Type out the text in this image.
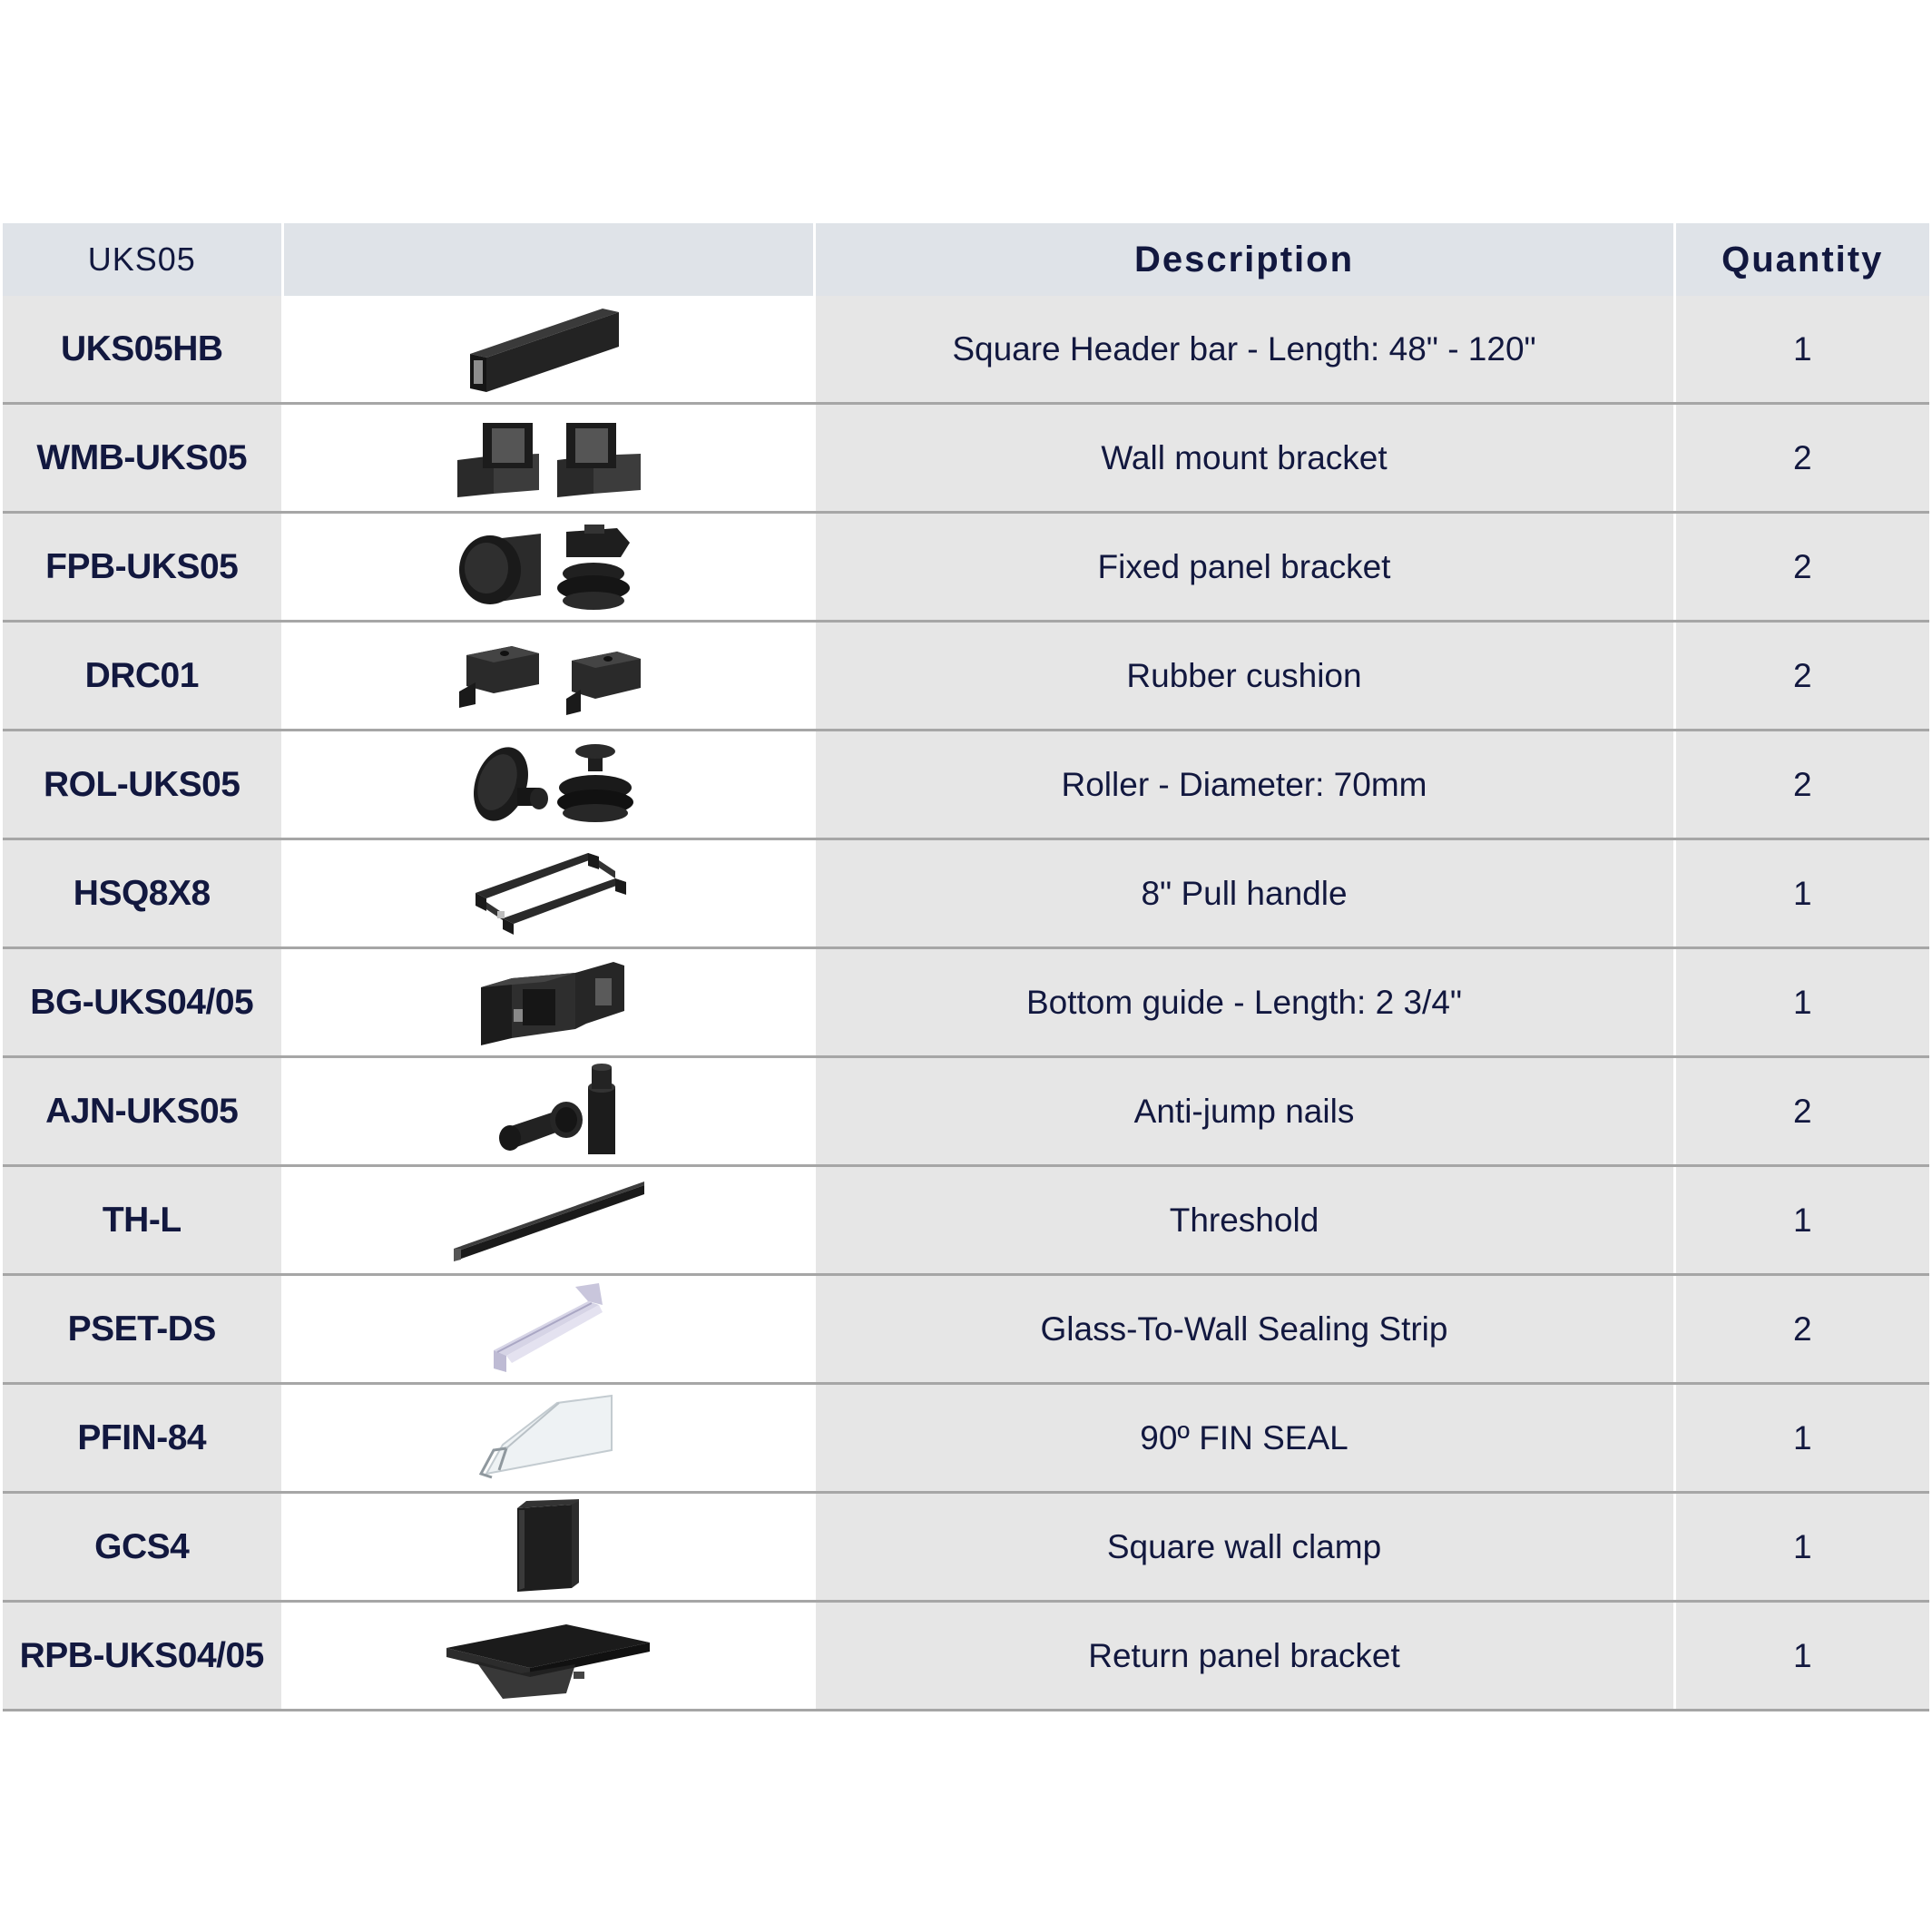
UKS05		Description	Quantity
UKS05HB		Square Header bar - Length: 48" - 120"	1
WMB-UKS05		Wall mount bracket	2
FPB-UKS05		Fixed panel bracket	2
DRC01		Rubber cushion	2
ROL-UKS05		Roller - Diameter: 70mm	2
HSQ8X8		8" Pull handle	1
BG-UKS04/05		Bottom guide - Length: 2 3/4"	1
AJN-UKS05		Anti-jump nails	2
TH-L		Threshold	1
PSET-DS		Glass-To-Wall Sealing Strip	2
PFIN-84		90º FIN SEAL	1
GCS4		Square wall clamp	1
RPB-UKS04/05		Return panel bracket	1
